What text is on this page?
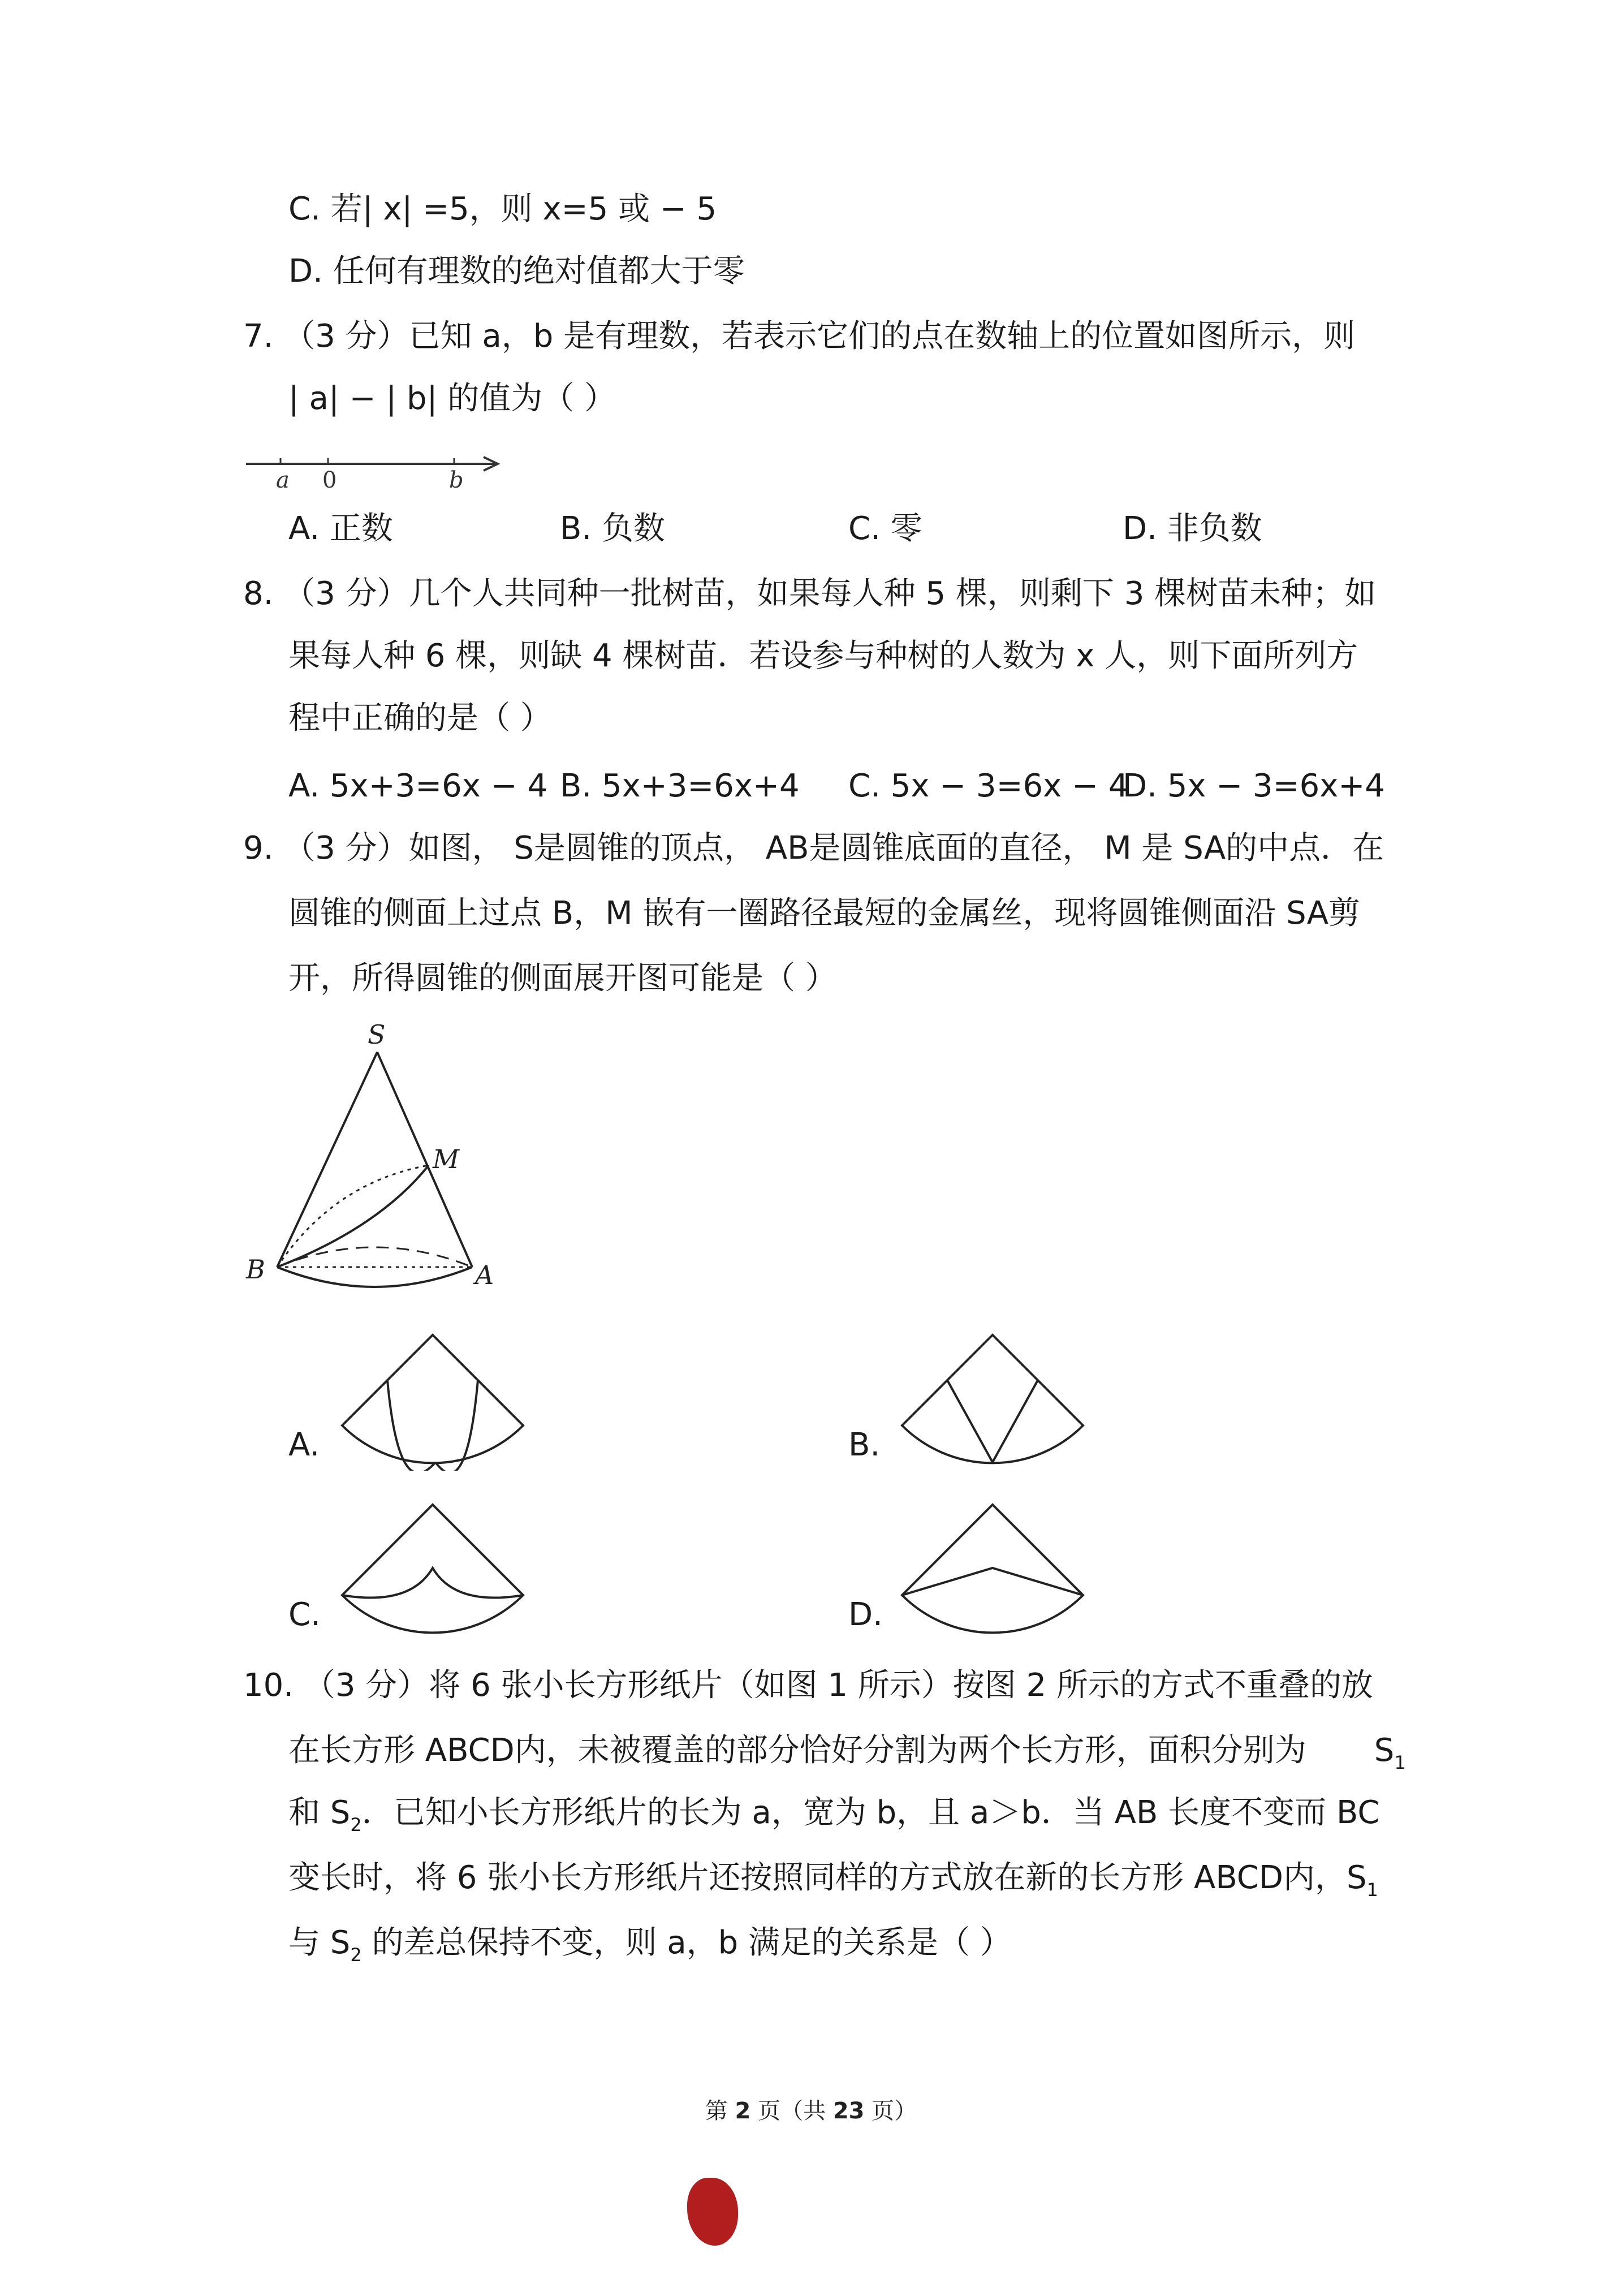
C. 若| x| =5，则 x=5 或 − 5
D. 任何有理数的绝对值都大于零
7. （3 分）已知 a，b 是有理数，若表示它们的点在数轴上的位置如图所示，则
| a| − | b| 的值为（ ）
a 0	b
A. 正数	B. 负数	C. 零	D. 非负数
8. （3 分）几个人共同种一批树苗，如果每人种 5 棵，则剩下 3 棵树苗未种；如
果每人种 6 棵，则缺 4 棵树苗．若设参与种树的人数为 x 人，则下面所列方
程中正确的是（ ）
A. 5x+3=6x − 4 B. 5x+3=6x+4 C. 5x − 3=6x − 4
D. 5x − 3=6x+4
9. （3 分）如图， S是圆锥的顶点， AB是圆锥底面的直径， M 是 SA的中点．在
圆锥的侧面上过点 B，M 嵌有一圈路径最短的金属丝，现将圆锥侧面沿 SA剪
开，所得圆锥的侧面展开图可能是（ ）
S
M
B	A
A.	B.
C.	D.
10. （3 分）将 6 张小长方形纸片（如图 1 所示）按图 2 所示的方式不重叠的放
在长方形 ABCD内，未被覆盖的部分恰好分割为两个长方形，面积分别为 $S_1$
和 $S_2$．已知小长方形纸片的长为 a，宽为 b，且 a＞b．当 AB 长度不变而 BC
变长时，将 6 张小长方形纸片还按照同样的方式放在新的长方形 ABCD内，$S_1$
与 $S_2$ 的差总保持不变，则 a，b 满足的关系是（ ）
第 2 页（共 23 页）
